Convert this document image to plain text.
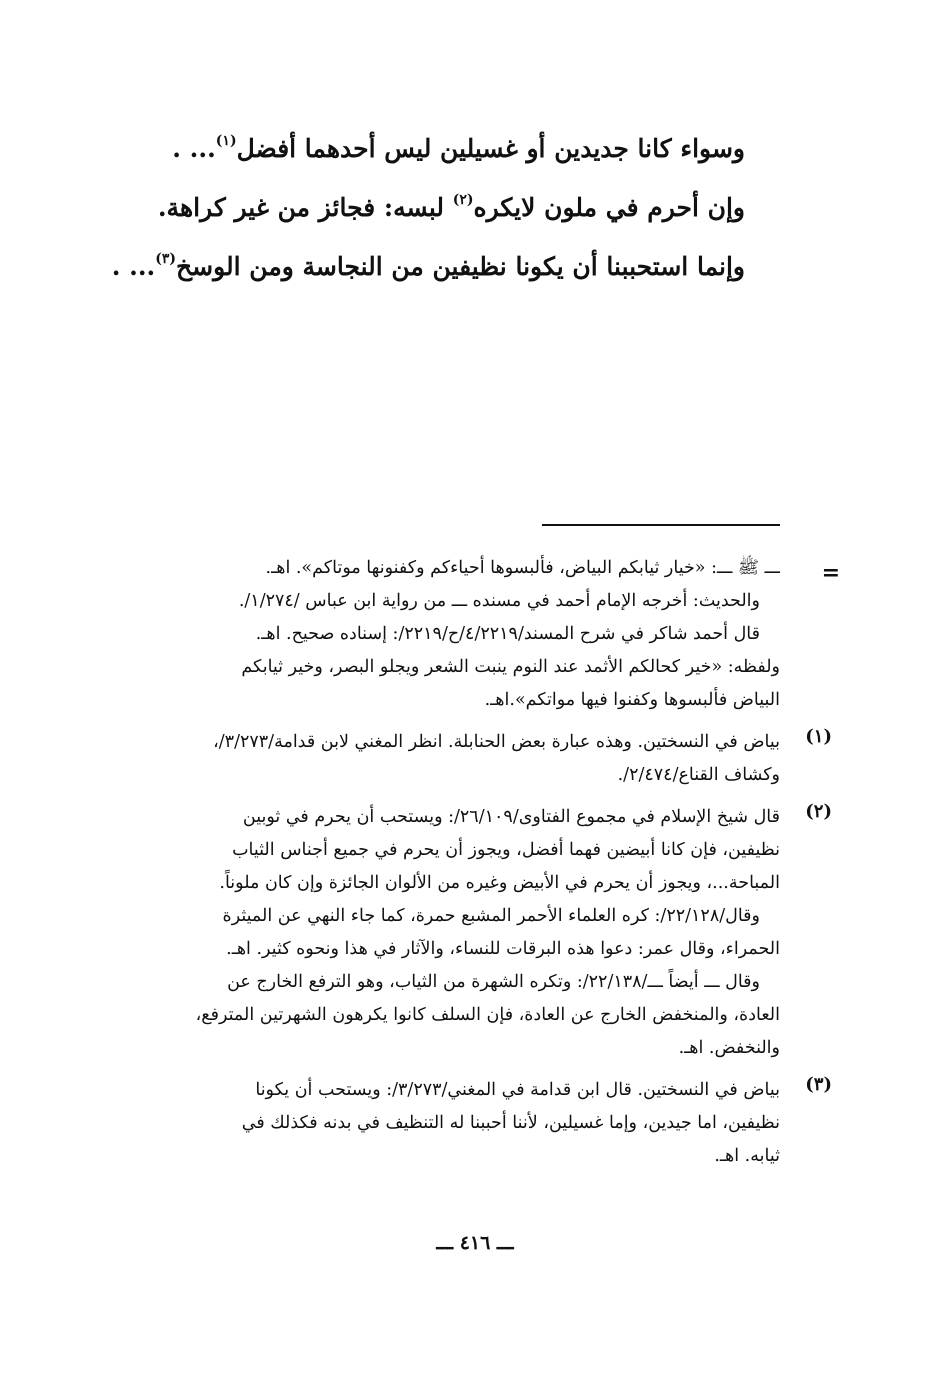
وسواء كانا جديدين أو غسيلين ليس أحدهما أفضل$^{(١)}$... .
وإن أحرم في ملون لايكره$^{(٢)}$ لبسه: فجائز من غير كراهة.
وإنما استحببنا أن يكونا نظيفين من النجاسة ومن الوسخ$^{(٣)}$... .
=
ـــ ﷺ ـــ: «خيار ثيابكم البياض، فألبسوها أحياءكم وكفنونها موتاكم». اهـ.
والحديث: أخرجه الإمام أحمد في مسنده ـــ من رواية ابن عباس /١/٢٧٤/.
قال أحمد شاكر في شرح المسند/٤/٢٢١٩/ح/٢٢١٩/: إسناده صحيح. اهـ.
ولفظه: «خير كحالكم الأثمد عند النوم ينبت الشعر ويجلو البصر، وخير ثيابكم
البياض فألبسوها وكفنوا فيها مواتكم».اهـ.
(١)
بياض في النسختين. وهذه عبارة بعض الحنابلة. انظر المغني لابن قدامة/٣/٢٧٣/،
وكشاف القناع/٢/٤٧٤/.
(٢)
قال شيخ الإسلام في مجموع الفتاوى/٢٦/١٠٩/: ويستحب أن يحرم في ثوبين
نظيفين، فإن كانا أبيضين فهما أفضل، ويجوز أن يحرم في جميع أجناس الثياب
المباحة...، ويجوز أن يحرم في الأبيض وغيره من الألوان الجائزة وإن كان ملوناً.
وقال/٢٢/١٢٨/: كره العلماء الأحمر المشبع حمرة، كما جاء النهي عن الميثرة
الحمراء، وقال عمر: دعوا هذه البرقات للنساء، والآثار في هذا ونحوه كثير. اهـ.
وقال ـــ أيضاً ـــ/٢٢/١٣٨/: وتكره الشهرة من الثياب، وهو الترفع الخارج عن
العادة، والمنخفض الخارج عن العادة، فإن السلف كانوا يكرهون الشهرتين المترفع،
والنخفض. اهـ.
(٣)
بياض في النسختين. قال ابن قدامة في المغني/٣/٢٧٣/: ويستحب أن يكونا
نظيفين، اما جيدين، وإما غسيلين، لأننا أحببنا له التنظيف في بدنه فكذلك في
ثيابه. اهـ.
ـــ ٤١٦ ـــ
